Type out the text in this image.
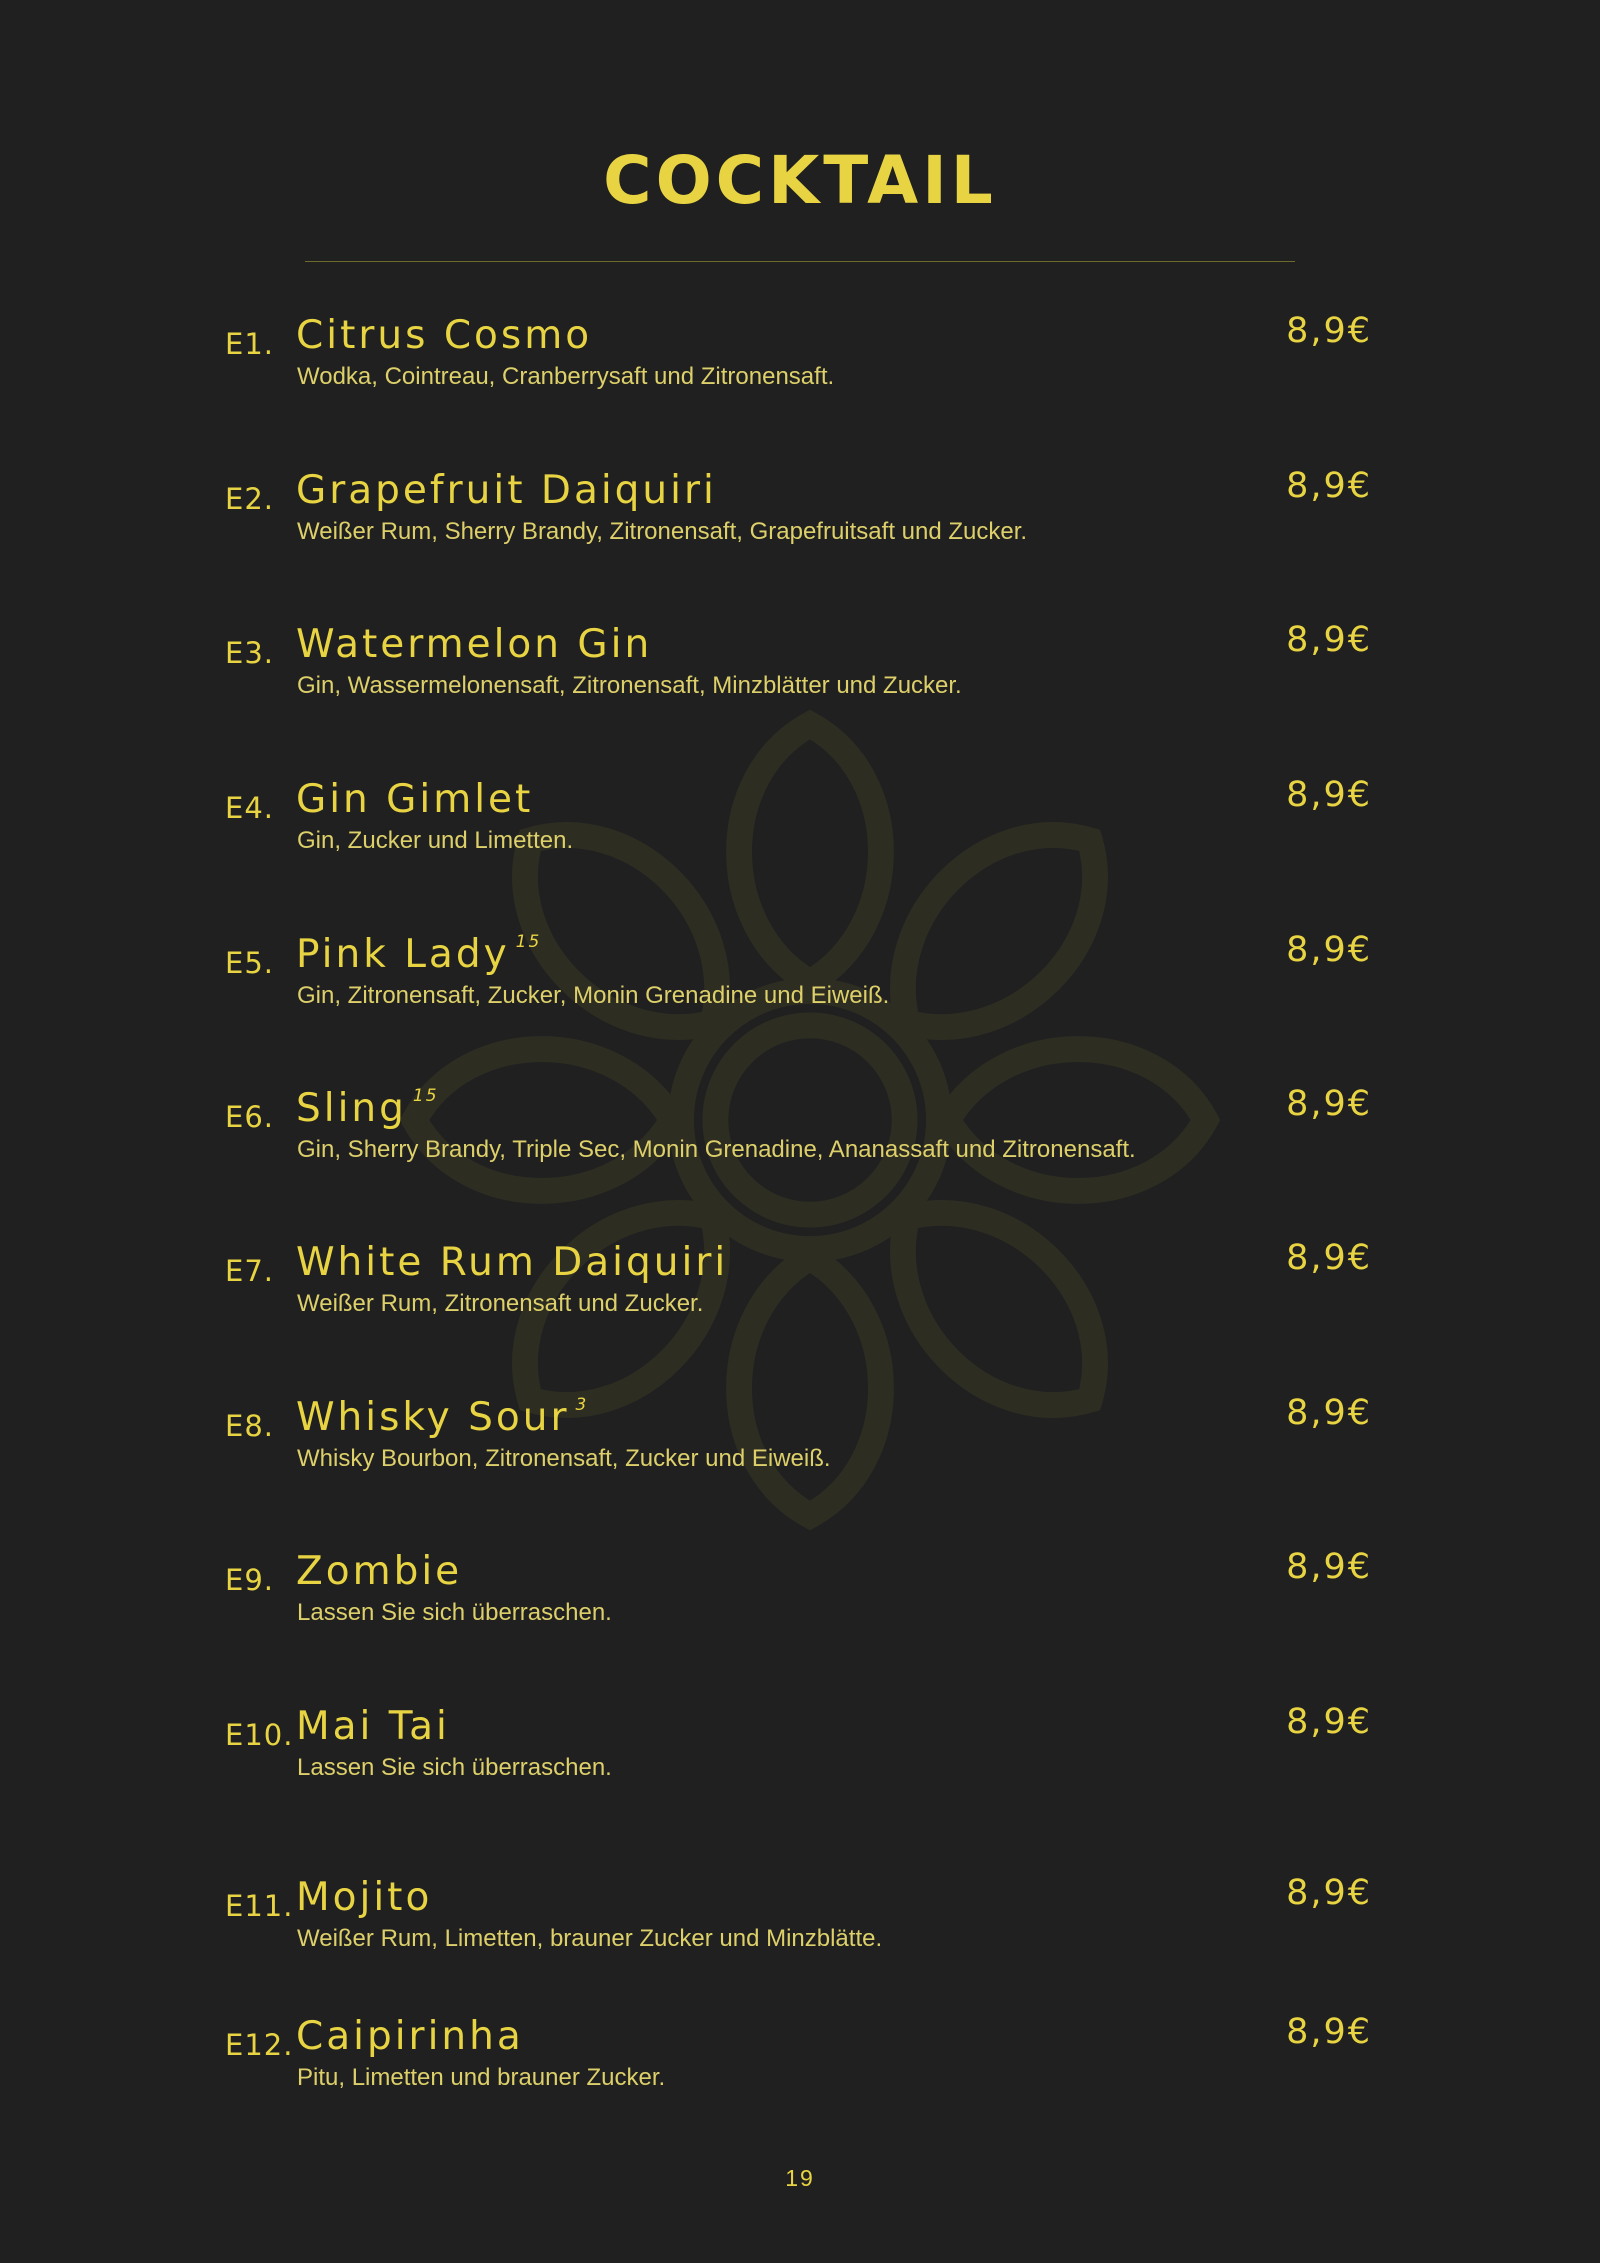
COCKTAIL
E1. Citrus Cosmo
Wodka, Cointreau, Cranberrysaft und Zitronensaft.
8,9€
E2. Grapefruit Daiquiri
Weißer Rum, Sherry Brandy, Zitronensaft, Grapefruitsaft und Zucker.
8,9€
E3. Watermelon Gin
Gin, Wassermelonensaft, Zitronensaft, Minzblätter und Zucker.
8,9€
E4. Gin Gimlet
Gin, Zucker und Limetten.
8,9€
E5. Pink Lady $^{15}$
Gin, Zitronensaft, Zucker, Monin Grenadine und Eiweiß.
8,9€
E6. Sling $^{15}$
Gin, Sherry Brandy, Triple Sec, Monin Grenadine, Ananassaft und Zitronensaft.
8,9€
E7. White Rum Daiquiri
Weißer Rum, Zitronensaft und Zucker.
8,9€
E8. Whisky Sour $^3$
Whisky Bourbon, Zitronensaft, Zucker und Eiweiß.
8,9€
E9. Zombie
Lassen Sie sich überraschen.
8,9€
E10. Mai Tai
Lassen Sie sich überraschen.
8,9€
E11. Mojito
Weißer Rum, Limetten, brauner Zucker und Minzblätte.
8,9€
E12. Caipirinha
Pitu, Limetten und brauner Zucker.
8,9€
19
